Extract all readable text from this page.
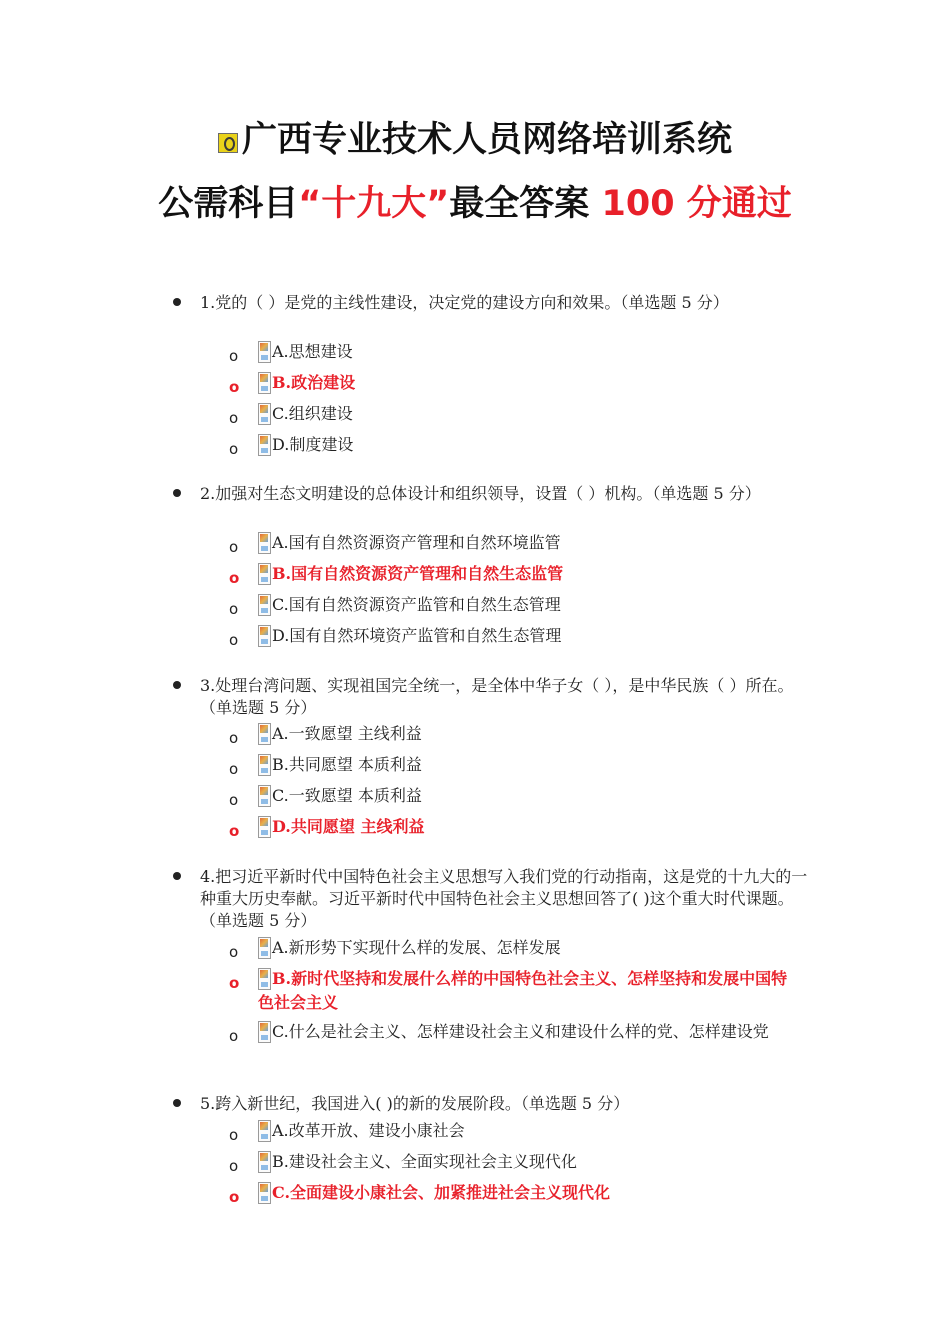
广西专业技术人员网络培训系统
公需科目“十九大”最全答案 100 分通过
1.党的（ ）是党的主线性建设，决定党的建设方向和效果。（单选题 5 分）
o	A.思想建设
o	B.政治建设
o	C.组织建设
o	D.制度建设
2.加强对生态文明建设的总体设计和组织领导，设置（ ）机构。（单选题 5 分）
o	A.国有自然资源资产管理和自然环境监管
o	B.国有自然资源资产管理和自然生态监管
o	C.国有自然资源资产监管和自然生态管理
o	D.国有自然环境资产监管和自然生态管理
3.处理台湾问题、实现祖国完全统一，是全体中华子女（ ），是中华民族（ ）所在。（单选题 5 分）
o	A.一致愿望 主线利益
o	B.共同愿望 本质利益
o	C.一致愿望 本质利益
o	D.共同愿望 主线利益
4.把习近平新时代中国特色社会主义思想写入我们党的行动指南，这是党的十九大的一种重大历史奉献。习近平新时代中国特色社会主义思想回答了( )这个重大时代课题。（单选题 5 分）
o	A.新形势下实现什么样的发展、怎样发展
o	B.新时代坚持和发展什么样的中国特色社会主义、怎样坚持和发展中国特色社会主义
o	C.什么是社会主义、怎样建设社会主义和建设什么样的党、怎样建设党
5.跨入新世纪，我国进入( )的新的发展阶段。（单选题 5 分）
o	A.改革开放、建设小康社会
o	B.建设社会主义、全面实现社会主义现代化
o	C.全面建设小康社会、加紧推进社会主义现代化
